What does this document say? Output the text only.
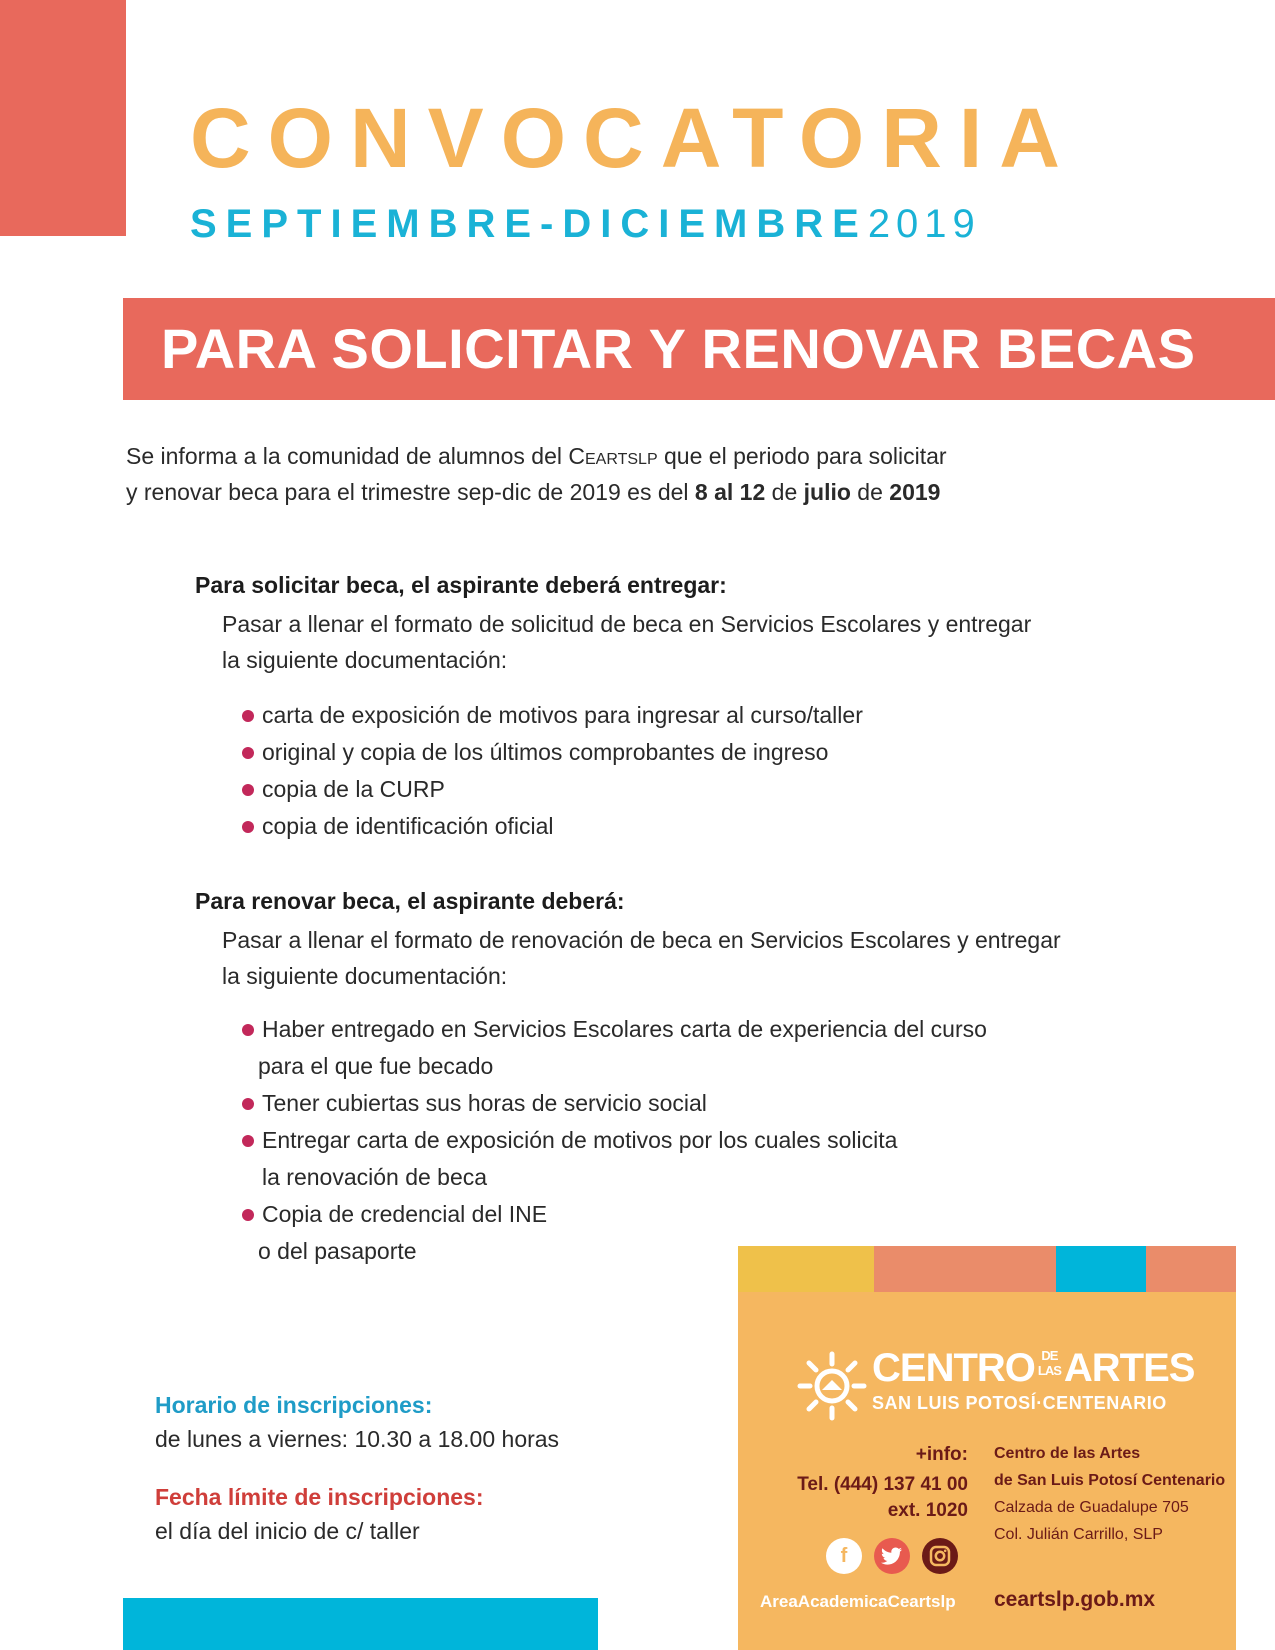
CONVOCATORIA
SEPTIEMBRE-DICIEMBRE2019
PARA SOLICITAR Y RENOVAR BECAS
Se informa a la comunidad de alumnos del Ceartslp que el periodo para solicitar
y renovar beca para el trimestre sep-dic de 2019 es del 8 al 12 de julio de 2019
Para solicitar beca, el aspirante deberá entregar:
Pasar a llenar el formato de solicitud de beca en Servicios Escolares y entregar
la siguiente documentación:
carta de exposición de motivos para ingresar al curso/taller
original y copia de los últimos comprobantes de ingreso
copia de la CURP
copia de identificación oficial
Para renovar beca, el aspirante deberá:
Pasar a llenar el formato de renovación de beca en Servicios Escolares y entregar
la siguiente documentación:
Haber entregado en Servicios Escolares carta de experiencia del curso
para el que fue becado
Tener cubiertas sus horas de servicio social
Entregar carta de exposición de motivos por los cuales solicita
la renovación de beca
Copia de credencial del INE
o del pasaporte
Horario de inscripciones:
de lunes a viernes: 10.30 a 18.00 horas
Fecha límite de inscripciones:
el día del inicio de c/ taller
CENTRO DE
LASARTES
SAN LUIS POTOSÍ·CENTENARIO
+info:
Tel. (444) 137 41 00
ext. 1020
Centro de las Artes
de San Luis Potosí Centenario
Calzada de Guadalupe 705
Col. Julián Carrillo, SLP
f
AreaAcademicaCeartslp ceartslp.gob.mx
